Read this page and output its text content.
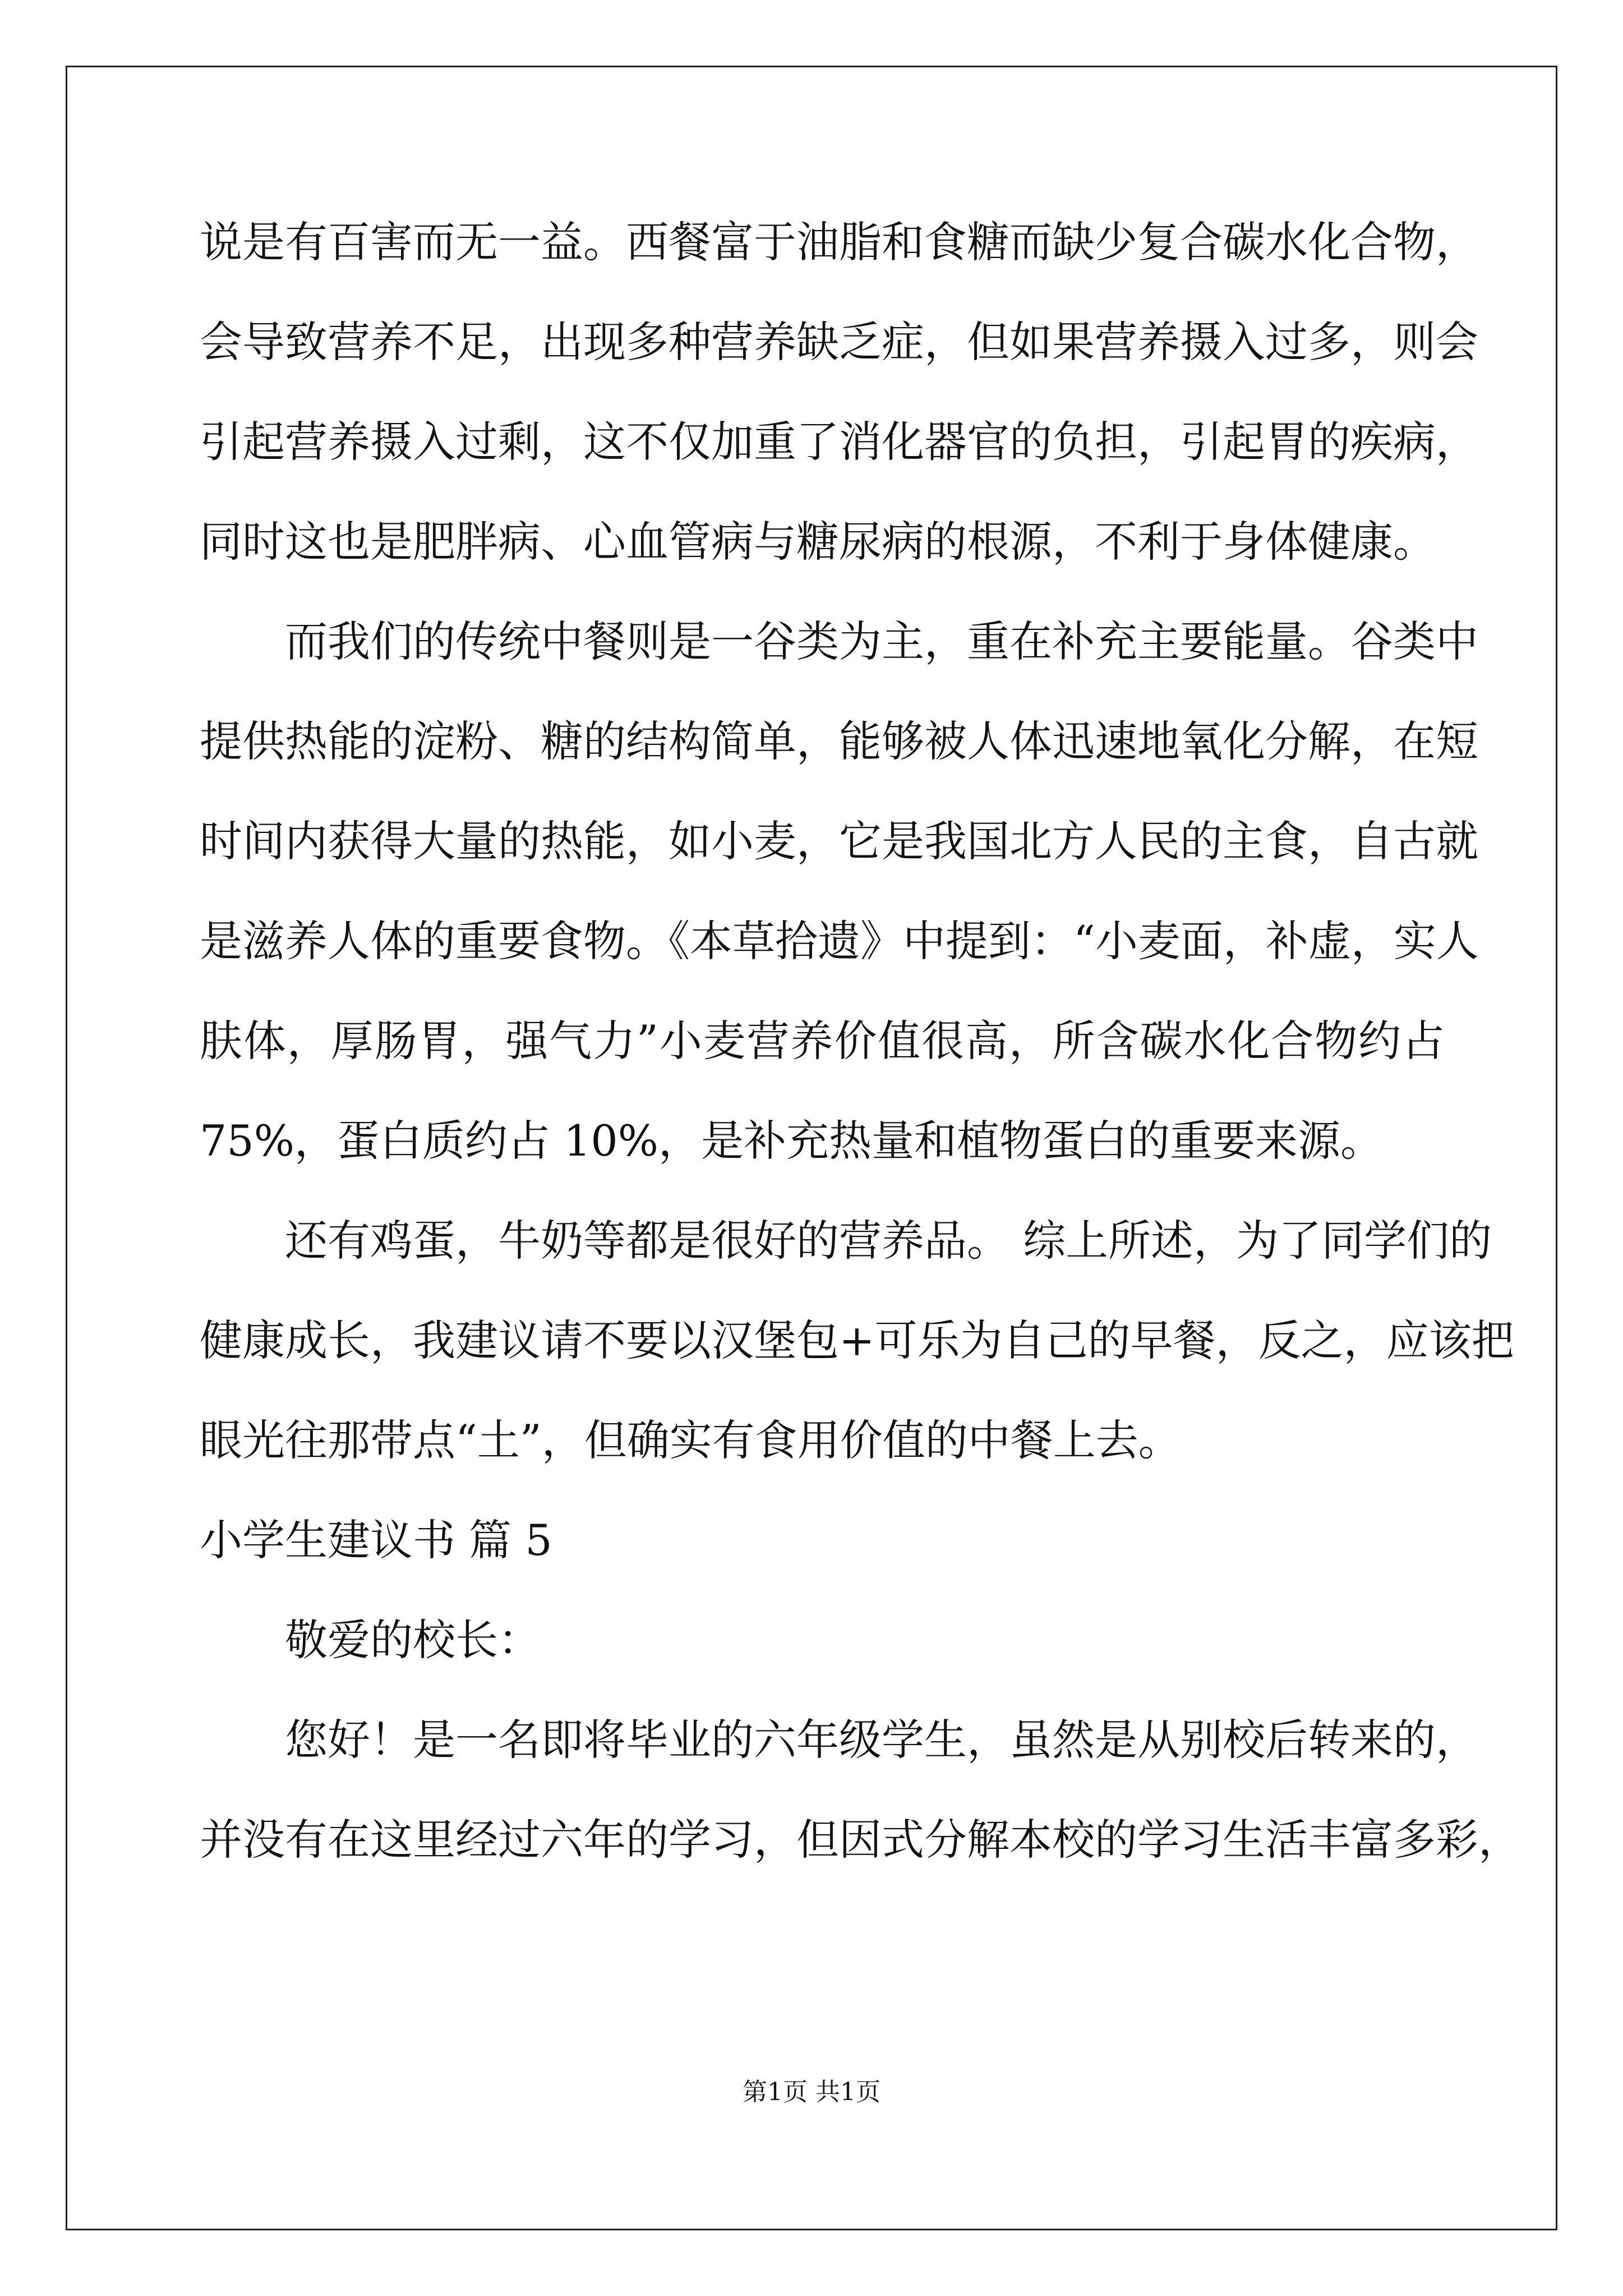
说是有百害而无一益。西餐富于油脂和食糖而缺少复合碳水化合物，
会导致营养不足，出现多种营养缺乏症，但如果营养摄入过多，则会
引起营养摄入过剩，这不仅加重了消化器官的负担，引起胃的疾病，
同时这也是肥胖病、心血管病与糖尿病的根源，不利于身体健康。
而我们的传统中餐则是一谷类为主，重在补充主要能量。谷类中
提供热能的淀粉、糖的结构简单，能够被人体迅速地氧化分解，在短
时间内获得大量的热能，如小麦，它是我国北方人民的主食，自古就
是滋养人体的重要食物。《本草拾遗》中提到：“小麦面，补虚，实人
肤体，厚肠胃，强气力”小麦营养价值很高，所含碳水化合物约占
75%，蛋白质约占 10%，是补充热量和植物蛋白的重要来源。
还有鸡蛋，牛奶等都是很好的营养品。 综上所述，为了同学们的
健康成长，我建议请不要以汉堡包+可乐为自己的早餐，反之，应该把
眼光往那带点“土”，但确实有食用价值的中餐上去。
小学生建议书 篇 5
敬爱的校长：
您好！是一名即将毕业的六年级学生，虽然是从别校后转来的，
并没有在这里经过六年的学习，但因式分解本校的学习生活丰富多彩，
第1页 共1页
